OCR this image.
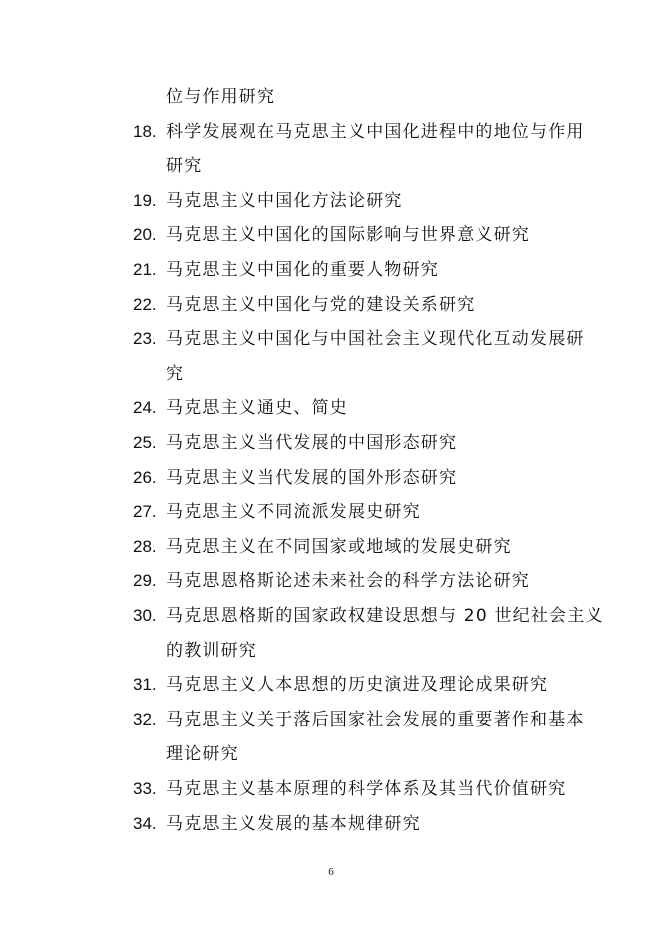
位与作用研究
18. 科学发展观在马克思主义中国化进程中的地位与作用
研究
19. 马克思主义中国化方法论研究
20. 马克思主义中国化的国际影响与世界意义研究
21. 马克思主义中国化的重要人物研究
22. 马克思主义中国化与党的建设关系研究
23. 马克思主义中国化与中国社会主义现代化互动发展研
究
24. 马克思主义通史、简史
25. 马克思主义当代发展的中国形态研究
26. 马克思主义当代发展的国外形态研究
27. 马克思主义不同流派发展史研究
28. 马克思主义在不同国家或地域的发展史研究
29. 马克思恩格斯论述未来社会的科学方法论研究
30. 马克思恩格斯的国家政权建设思想与 20 世纪社会主义
的教训研究
31. 马克思主义人本思想的历史演进及理论成果研究
32. 马克思主义关于落后国家社会发展的重要著作和基本
理论研究
33. 马克思主义基本原理的科学体系及其当代价值研究
34. 马克思主义发展的基本规律研究
6
